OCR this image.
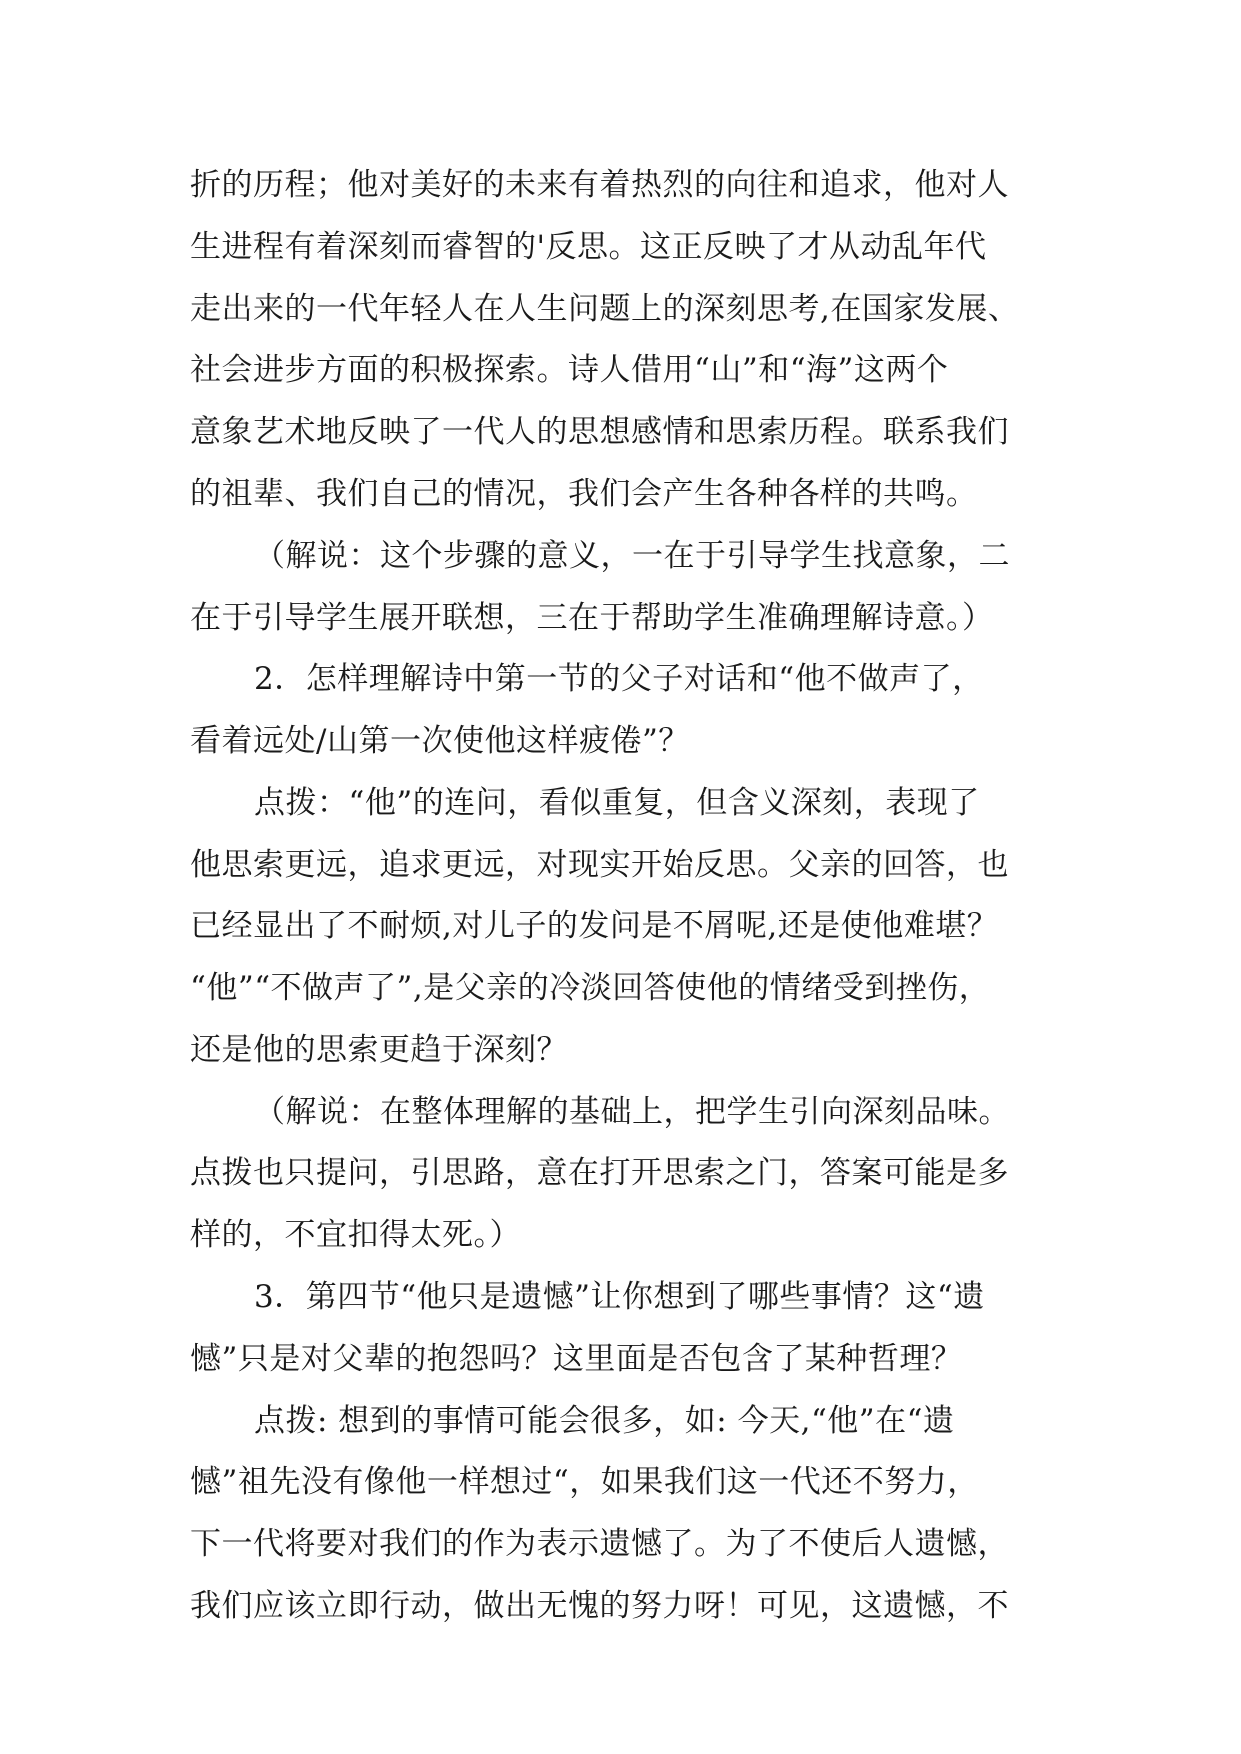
折的历程；他对美好的未来有着热烈的向往和追求，他对人
生进程有着深刻而睿智的'反思。这正反映了才从动乱年代
走出来的一代年轻人在人生问题上的深刻思考,在国家发展、
社会进步方面的积极探索。诗人借用“山”和“海”这两个
意象艺术地反映了一代人的思想感情和思索历程。联系我们
的祖辈、我们自己的情况，我们会产生各种各样的共鸣。
（解说：这个步骤的意义，一在于引导学生找意象，二
在于引导学生展开联想，三在于帮助学生准确理解诗意。）
2．怎样理解诗中第一节的父子对话和“他不做声了，
看着远处/山第一次使他这样疲倦”？
点拨：“他”的连问，看似重复，但含义深刻，表现了
他思索更远，追求更远，对现实开始反思。父亲的回答，也
已经显出了不耐烦,对儿子的发问是不屑呢,还是使他难堪？
“他”“不做声了”,是父亲的冷淡回答使他的情绪受到挫伤，
还是他的思索更趋于深刻？
（解说：在整体理解的基础上，把学生引向深刻品味。
点拨也只提问，引思路，意在打开思索之门，答案可能是多
样的，不宜扣得太死。）
3．第四节“他只是遗憾”让你想到了哪些事情？这“遗
憾”只是对父辈的抱怨吗？这里面是否包含了某种哲理？
点拨: 想到的事情可能会很多，如: 今天,“他”在“遗
憾”祖先没有像他一样想过“，如果我们这一代还不努力，
下一代将要对我们的作为表示遗憾了。为了不使后人遗憾，
我们应该立即行动，做出无愧的努力呀！可见，这遗憾，不
